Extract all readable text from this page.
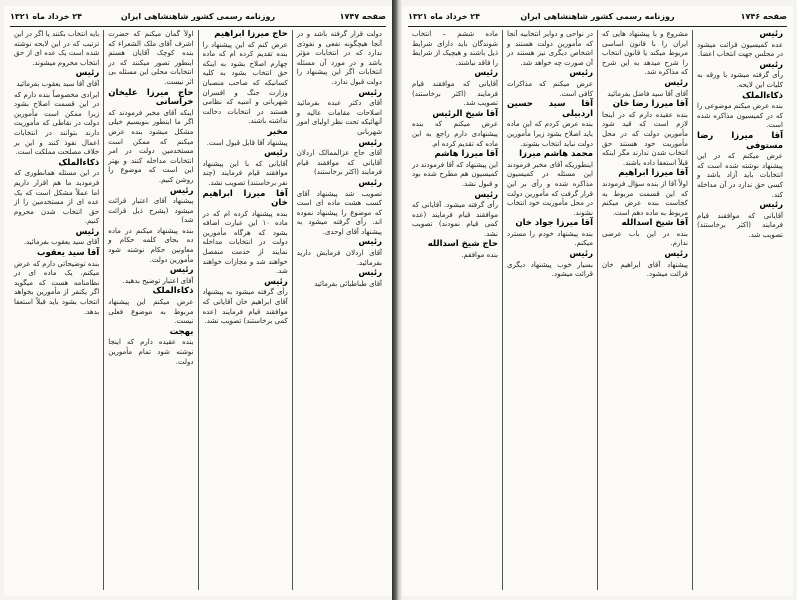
صفحه ۱۷۴۷
روزنامه رسمی کشور شاهنشاهی ایران
۲۴ خرداد ماه ۱۳۲۱
دولت قرار گرفته باشد و در آنجا هیچگونه نفعی و نفوذی ندارد که در انتخابات مؤثر باشد و در مورد آن مسئله انتخابات اگر این پیشنهاد را دولت قبول ندارد.
رئیس
آقای دکتر عبده بفرمائید اصلاحات مقامات عالیه و آنهائیکه تحت نظر اولیای امور شهربانی
رئیس
آقای حاج عزالممالک اردلان آقایانی که موافقند قیام فرمایند (اکثر برخاستند)
رئیس
تصویب شد پیشنهاد آقای کسب هشت ماده ای است که موضوع را پیشنهاد نموده اند. رأی گرفته میشود به پیشنهاد آقای اوحدی.
رئیس
آقای اردلان فرمایش دارید بفرمائید.
رئیس
آقای طباطبائی بفرمائید
حاج میرزا ابراهیم
عرض کنم که این پیشنهاد را بنده تقدیم کرده ام که ماده چهارم اصلاح بشود به اینکه حق انتخاب بشود به کلیه کسانیکه که صاحب منصبان وزارت جنگ و افسران شهربانی و امنیه که نظامی هستند در انتخابات دخالت نداشته باشند.
مخبر
پیشنهاد آقا قابل قبول است.
رئیس
آقایانی که با این پیشنهاد موافقند قیام فرمایند (چند نفر برخاستند) تصویب نشد.
آقا میرزا ابراهیم خان
بنده پیشنهاد کرده ام که در ماده ۱۰ این عبارت اضافه بشود که هرگاه مأمورین دولت در انتخابات مداخله نمایند از خدمت منفصل خواهند شد و مجازات خواهند شد.
رئیس
رأی گرفته میشود به پیشنهاد آقای ابراهیم خان آقایانی که موافقند قیام فرمایند (عده کمی برخاستند) تصویب نشد.
اولاً گمان میکنم که حضرت اشرف آقای ملک الشعراء که بنده کوچک آقایان هستم اینطور تصور میکنند که در انتخابات محلی این مسئله بی اثر نیست.
حاج میرزا علیخان خراسانی
اینکه آقای مخبر فرمودند که اگر ما اینطور بنویسیم خیلی مشکل میشود بنده عرض میکنم که ممکن است مستخدمین دولت در امر انتخابات مداخله کنند و بهتر این است که موضوع را روشن کنیم.
رئیس
پیشنهاد آقای اعتبار قرائت میشود (بشرح ذیل قرائت شد)
بنده پیشنهاد میکنم در ماده ده بجای کلمه حکام و معاونین حکام نوشته شود مأمورین دولت.
رئیس
آقای اعتبار توضیح بدهید.
ذکاءالملک
عرض میکنم این پیشنهاد مربوط به موضوع فعلی نیست.
بهجت
بنده عقیده دارم که اینجا نوشته شود تمام مأمورین دولت.
بایه انتخاب بکنند یا اگر در این ترتیب که در این لایحه نوشته شده است یک عده ای از حق انتخاب محروم میشوند.
رئیس
آقای آقا سید یعقوب بفرمائید
ایرادی مخصوصاً بنده دارم که در این قسمت اصلاح بشود زیرا ممکن است مأمورین دولت در نقاطی که مأموریت دارند بتوانند در انتخابات اعمال نفوذ کنند و این بر خلاف مصلحت مملکت است.
ذکاءالملک
در این مسئله همانطوری که فرمودید ما هم اقرار داریم اما عملاً مشکل است که یک عده ای از مستخدمین را از حق انتخاب شدن محروم کنیم.
رئیس
آقای سید یعقوب بفرمائید.
آقا سید یعقوب
بنده توضیحاتی دارم که عرض میکنم. یک ماده ای در نظامنامه هست که میگوید اگر یکنفر از مأمورین بخواهد انتخاب بشود باید قبلاً استعفا بدهد.
صفحه ۱۷۴۶
روزنامه رسمی کشور شاهنشاهی ایران
۲۴ خرداد ماه ۱۳۲۱
رئیس
عده کمیسیون قرائت میشود در مجلس جهت انتخاب اعضا.
رئیس
رأی گرفته میشود با ورقه به کلیات این لایحه.
ذکاءالملک
بنده عرض میکنم موضوعی را که در کمیسیون مذاکره شده است.
آقا میرزا رضا مستوفی
عرض میکنم که در این پیشنهاد نوشته شده است که انتخابات باید آزاد باشد و کسی حق ندارد در آن مداخله کند.
رئیس
آقایانی که موافقند قیام فرمایند (اکثر برخاستند) تصویب شد.
مشروع و با پیشنهاد هایی که ایران را با قانون اساسی مربوط میکند یا قانون انتخاب را شرح میدهد به این شرح که مذاکره شد.
رئیس
آقای آقا سید فاضل بفرمائید
آقا میرزا رضا خان
بنده عقیده دارم که در اینجا لازم است که قید شود مأمورین دولت که در محل مأموریت خود هستند حق انتخاب شدن ندارند مگر اینکه قبلاً استعفا داده باشند.
آقا میرزا ابراهیم
اولاً آقا از بنده سؤال فرمودند که این قسمت مربوط به کجاست بنده عرض میکنم مربوط به ماده دهم است.
آقا شیخ اسدالله
بنده در این باب عرضی ندارم.
رئیس
پیشنهاد آقای ابراهیم خان قرائت میشود.
در نواحی و دوایر انتخابیه آنجا که مأمورین دولت هستند و اشخاص دیگری نیز هستند در آن صورت چه خواهد شد.
رئیس
عرض میکنم که مذاکرات کافی است.
آقا سید حسین اردبیلی
بنده عرض کردم که این ماده باید اصلاح بشود زیرا مأمورین دولت نباید انتخاب بشوند.
محمد هاشم میرزا
اینطوریکه آقای مخبر فرمودند این مسئله در کمیسیون مذاکره شده و رأی بر این قرار گرفت که مأمورین دولت در محل مأموریت خود انتخاب نشوند.
آقا میرزا جواد خان
بنده پیشنهاد خودم را مسترد میکنم.
رئیس
بسیار خوب پیشنهاد دیگری قرائت میشود.
ماده ششم – انتخاب شوندگان باید دارای شرایط ذیل باشند و هیچیک از شرایط را فاقد نباشند.
رئیس
آقایانی که موافقند قیام فرمایند (اکثر برخاستند) تصویب شد.
آقا شیخ الرئیس
عرض میکنم که بنده پیشنهادی دارم راجع به این ماده که تقدیم کرده ام.
آقا میرزا هاشم
این پیشنهاد که آقا فرمودند در کمیسیون هم مطرح شده بود و قبول نشد.
رئیس
رأی گرفته میشود. آقایانی که موافقند قیام فرمایند (عده کمی قیام نمودند) تصویب نشد.
حاج شیخ اسدالله
بنده موافقم.
